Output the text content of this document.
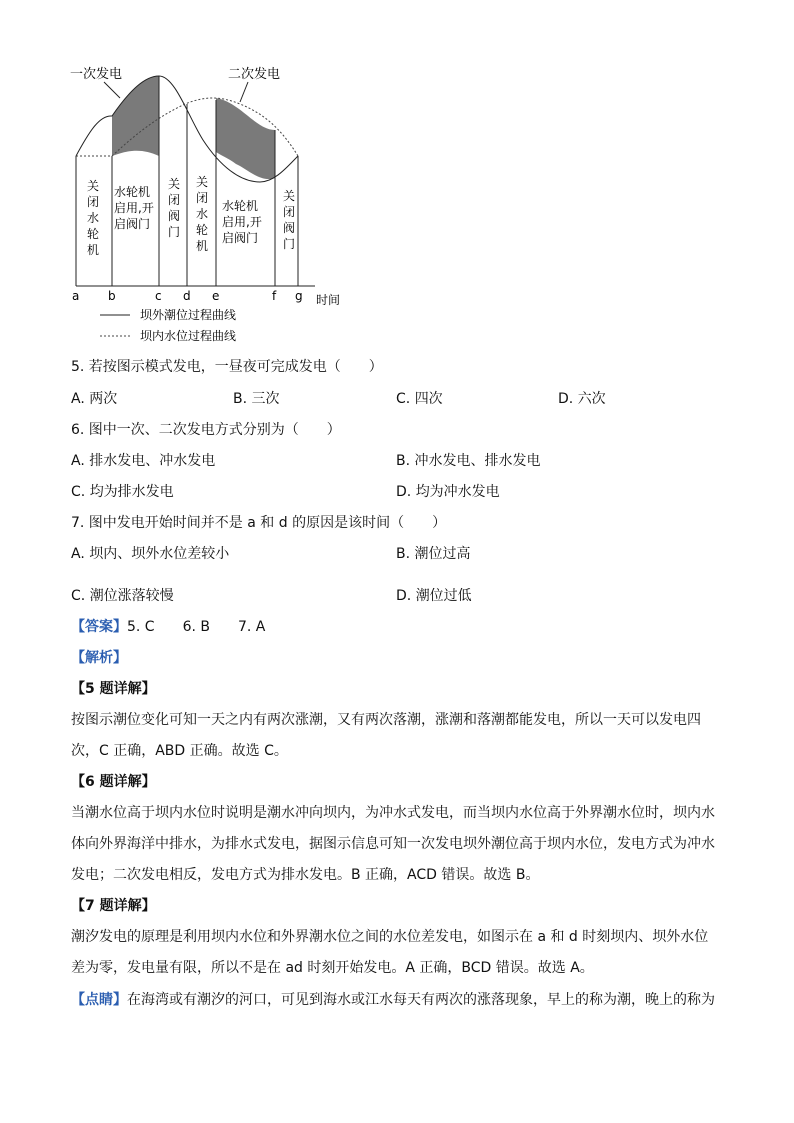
一次发电	二次发电
关
闭
水
轮
机
水轮机
启用,开
启阀门
关
闭
阀
门
关
闭
水
轮
机
水轮机
启用,开
启阀门
关
闭
阀
门
a b	c d e	f g 时间
坝外潮位过程曲线
坝内水位过程曲线
5. 若按图示模式发电，一昼夜可完成发电（　　）
A. 两次	B. 三次	C. 四次	D. 六次
6. 图中一次、二次发电方式分别为（　　）
A. 排水发电、冲水发电	B. 冲水发电、排水发电
C. 均为排水发电	D. 均为冲水发电
7. 图中发电开始时间并不是 a 和 d 的原因是该时间（　　）
A. 坝内、坝外水位差较小	B. 潮位过高
C. 潮位涨落较慢	D. 潮位过低
【答案】5. C　　6. B　　7. A
【解析】
【5 题详解】
按图示潮位变化可知一天之内有两次涨潮，又有两次落潮，涨潮和落潮都能发电，所以一天可以发电四次，C 正确，ABD 正确。故选 C。
【6 题详解】
当潮水位高于坝内水位时说明是潮水冲向坝内，为冲水式发电，而当坝内水位高于外界潮水位时，坝内水体向外界海洋中排水，为排水式发电，据图示信息可知一次发电坝外潮位高于坝内水位，发电方式为冲水发电；二次发电相反，发电方式为排水发电。B 正确，ACD 错误。故选 B。
【7 题详解】
潮汐发电的原理是利用坝内水位和外界潮水位之间的水位差发电，如图示在 a 和 d 时刻坝内、坝外水位差为零，发电量有限，所以不是在 ad 时刻开始发电。A 正确，BCD 错误。故选 A。
【点睛】在海湾或有潮汐的河口，可见到海水或江水每天有两次的涨落现象，早上的称为潮，晚上的称为
